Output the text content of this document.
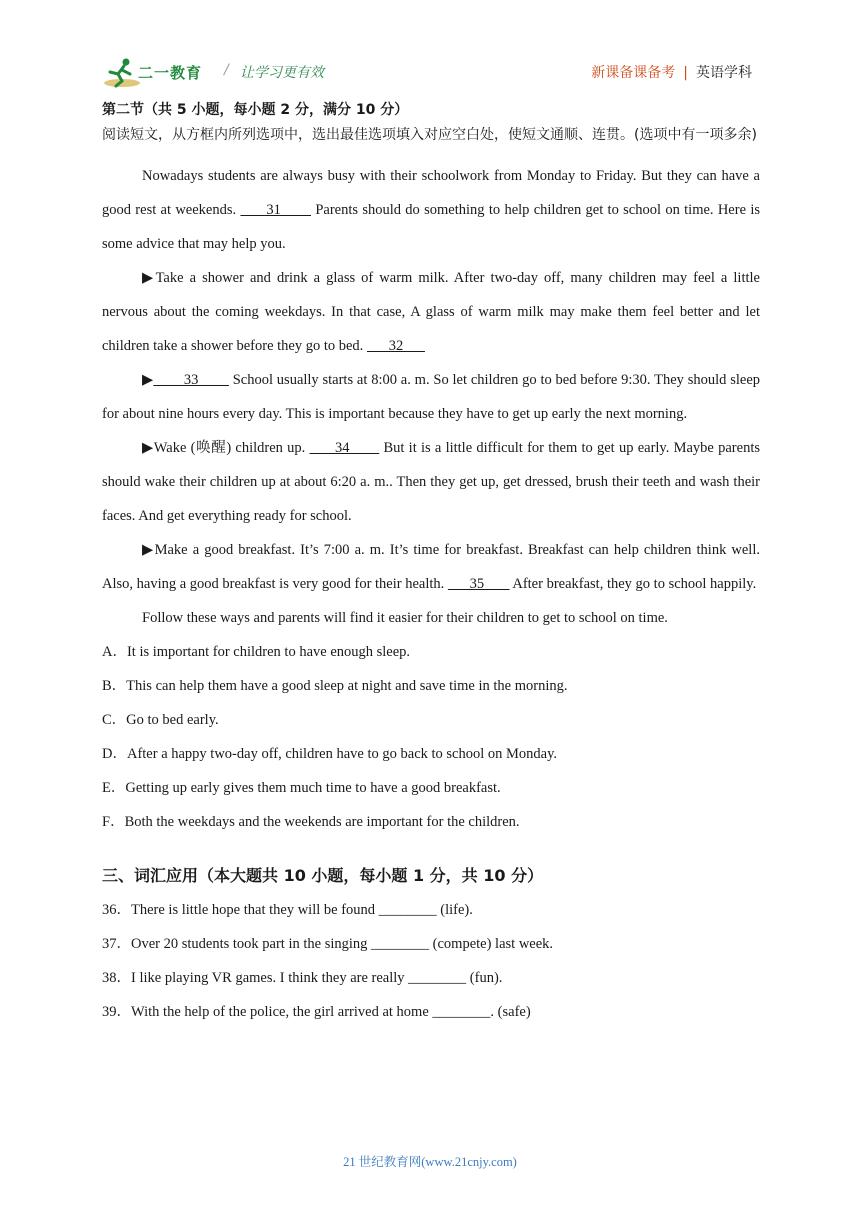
二一教育 / 让学习更有效	新课备课备考 | 英语学科
第二节（共 5 小题，每小题 2 分，满分 10 分）
阅读短文，从方框内所列选项中，选出最佳选项填入对应空白处，使短文通顺、连贯。(选项中有一项多余)

Nowadays students are always busy with their schoolwork from Monday to Friday. But they can have a good rest at weekends.       31        Parents should do something to help children get to school on time. Here is some advice that may help you.

▶Take a shower and drink a glass of warm milk. After two-day off, many children may feel a little nervous about the coming weekdays. In that case, A glass of warm milk may make them feel better and let children take a shower before they go to bed.       32

▶        33         School usually starts at 8:00 a. m. So let children go to bed before 9:30. They should sleep for about nine hours every day. This is important because they have to get up early the next morning.

▶Wake (唤醒) children up.       34        But it is a little difficult for them to get up early. Maybe parents should wake their children up at about 6:20 a. m.. Then they get up, get dressed, brush their teeth and wash their faces. And get everything ready for school.

▶Make a good breakfast. It’s 7:00 a. m. It’s time for breakfast. Breakfast can help children think well. Also, having a good breakfast is very good for their health.       35        After breakfast, they go to school happily.

Follow these ways and parents will find it easier for their children to get to school on time.

A．It is important for children to have enough sleep.
B．This can help them have a good sleep at night and save time in the morning.
C．Go to bed early.
D．After a happy two-day off, children have to go back to school on Monday.
E．Getting up early gives them much time to have a good breakfast.
F．Both the weekdays and the weekends are important for the children.
三、词汇应用（本大题共 10 小题，每小题 1 分，共 10 分）
36．There is little hope that they will be found ________ (life).
37．Over 20 students took part in the singing ________ (compete) last week.
38．I like playing VR games. I think they are really ________ (fun).
39．With the help of the police, the girl arrived at home ________. (safe)
21 世纪教育网(www.21cnjy.com)
